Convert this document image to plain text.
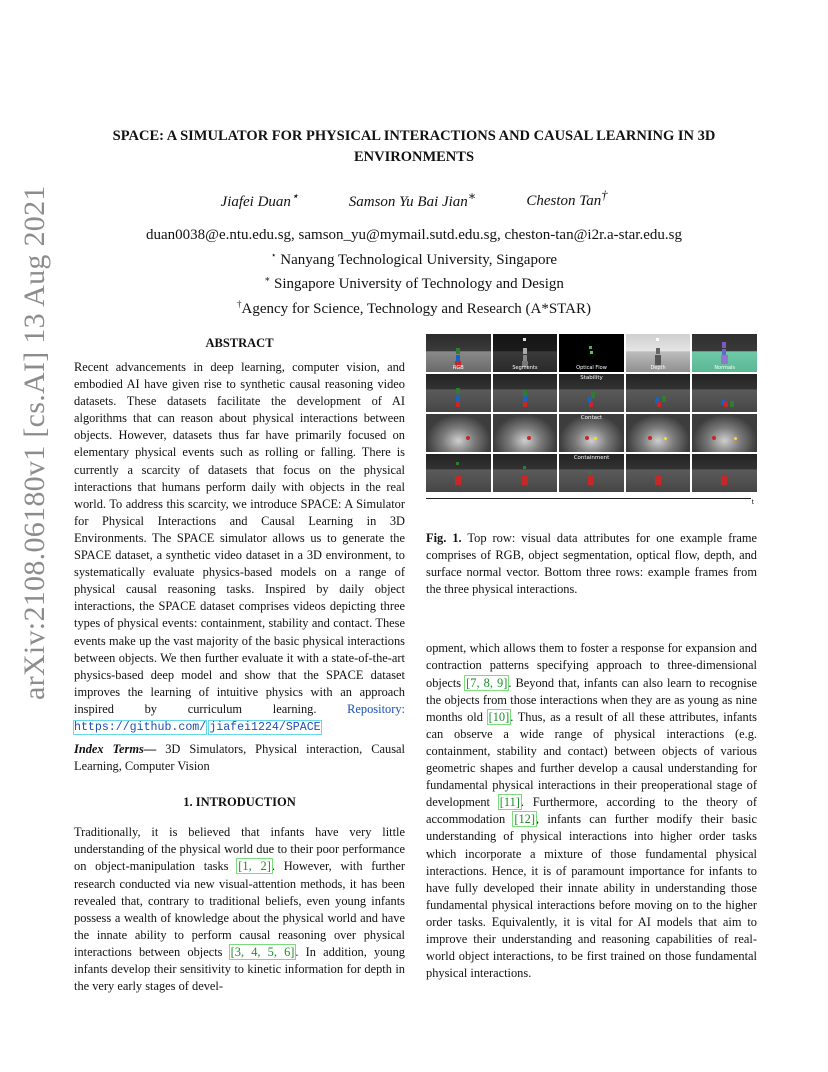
arXiv:2108.06180v1 [cs.AI] 13 Aug 2021
SPACE: A SIMULATOR FOR PHYSICAL INTERACTIONS AND CAUSAL LEARNING IN 3D ENVIRONMENTS
Jiafei Duan⋆	Samson Yu Bai Jian∗	Cheston Tan†
duan0038@e.ntu.edu.sg, samson_yu@mymail.sutd.edu.sg, cheston-tan@i2r.a-star.edu.sg
⋆ Nanyang Technological University, Singapore
∗ Singapore University of Technology and Design
†Agency for Science, Technology and Research (A*STAR)
ABSTRACT

Recent advancements in deep learning, computer vision, and embodied AI have given rise to synthetic causal reasoning video datasets. These datasets facilitate the development of AI algorithms that can reason about physical interactions between objects. However, datasets thus far have primarily focused on elementary physical events such as rolling or falling. There is currently a scarcity of datasets that focus on the physical interactions that humans perform daily with objects in the real world. To address this scarcity, we introduce SPACE: A Simulator for Physical Interactions and Causal Learning in 3D Environments. The SPACE simulator allows us to generate the SPACE dataset, a synthetic video dataset in a 3D environment, to systematically evaluate physics-based models on a range of physical causal reasoning tasks. Inspired by daily object interactions, the SPACE dataset comprises videos depicting three types of physical events: containment, stability and contact. These events make up the vast majority of the basic physical interactions between objects. We then further evaluate it with a state-of-the-art physics-based deep model and show that the SPACE dataset improves the learning of intuitive physics with an approach inspired by curriculum learning. Repository: https://github.com/ jiafei1224/SPACE

Index Terms— 3D Simulators, Physical interaction, Causal Learning, Computer Vision

1. INTRODUCTION

Traditionally, it is believed that infants have very little understanding of the physical world due to their poor performance on object-manipulation tasks [1, 2]. However, with further research conducted via new visual-attention methods, it has been revealed that, contrary to traditional beliefs, even young infants possess a wealth of knowledge about the physical world and have the innate ability to perform causal reasoning over physical interactions between objects [3, 4, 5, 6]. In addition, young infants develop their sensitivity to kinetic information for depth in the very early stages of devel-

RGB	Segments	Optical Flow	Depth	Normals
Stability
Contact
Containment
t

Fig. 1. Top row: visual data attributes for one example frame comprises of RGB, object segmentation, optical flow, depth, and surface normal vector. Bottom three rows: example frames from the three physical interactions.

opment, which allows them to foster a response for expansion and contraction patterns specifying approach to three-dimensional objects [7, 8, 9]. Beyond that, infants can also learn to recognise the objects from those interactions when they are as young as nine months old [10]. Thus, as a result of all these attributes, infants can observe a wide range of physical interactions (e.g. containment, stability and contact) between objects of various geometric shapes and further develop a causal understanding for fundamental physical interactions in their preoperational stage of development [11]. Furthermore, according to the theory of accommodation [12], infants can further modify their basic understanding of physical interactions into higher order tasks which incorporate a mixture of those fundamental physical interactions. Hence, it is of paramount importance for infants to have fully developed their innate ability in understanding those fundamental physical interactions before moving on to the higher order tasks. Equivalently, it is vital for AI models that aim to improve their understanding and reasoning capabilities of real-world object interactions, to be first trained on those fundamental physical interactions.
